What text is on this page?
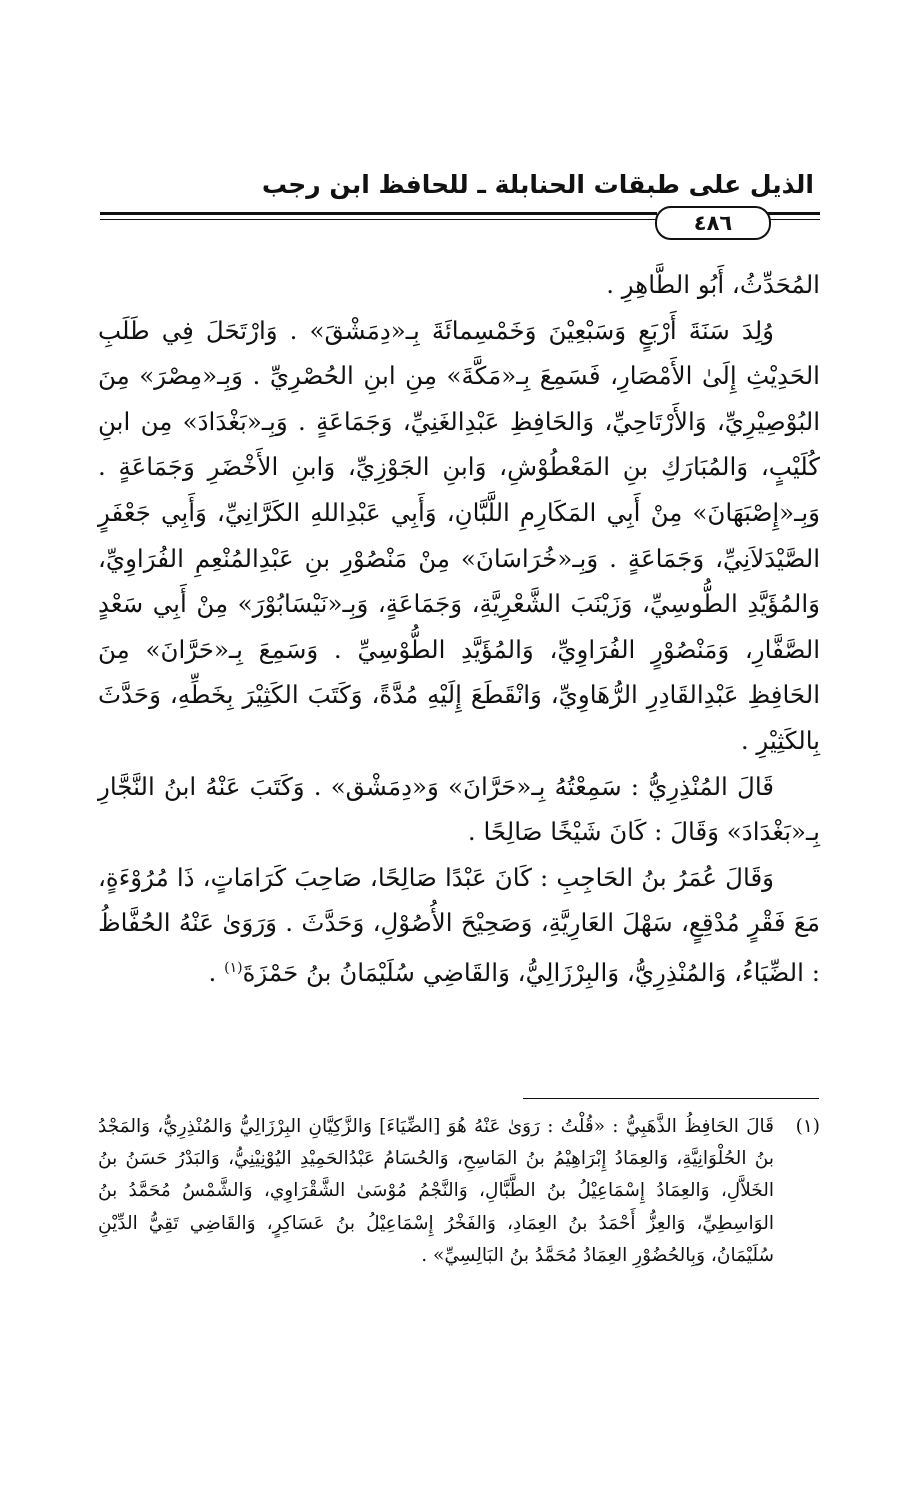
الذيل على طبقات الحنابلة ـ للحافظ ابن رجب
٤٨٦

المُحَدِّثُ، أَبُو الطَّاهِرِ .

وُلِدَ سَنَةَ أَرْبَعٍ وَسَبْعِيْنَ وَخَمْسِمائَةَ بِـ«دِمَشْقَ» . وَارْتَحَلَ فِي طَلَبِ الحَدِيْثِ إِلَىٰ الأَمْصَارِ، فَسَمِعَ بِـ«مَكَّةَ» مِنِ ابنِ الحُصْرِيِّ . وَبِـ«مِصْرَ» مِنَ البُوْصِيْرِيِّ، وَالأَرْتَاحِيِّ، وَالحَافِظِ عَبْدِالغَنِيِّ، وَجَمَاعَةٍ . وَبِـ«بَغْدَادَ» مِن ابنِ كُلَيْبٍ، وَالمُبَارَكِ بنِ المَعْطُوْشِ، وَابنِ الجَوْزِيِّ، وَابنِ الأَخْضَرِ وَجَمَاعَةٍ . وَبِـ«إِصْبَهَانَ» مِنْ أَبِي المَكَارِمِ اللَّبَّانِ، وَأَبِي عَبْدِاللهِ الكَرَّانِيِّ، وَأَبِي جَعْفَرٍ الصَّيْدَلاَنِيِّ، وَجَمَاعَةٍ . وَبِـ«خُرَاسَانَ» مِنْ مَنْصُوْرِ بنِ عَبْدِالمُنْعِمِ الفُرَاوِيِّ، وَالمُؤَيَّدِ الطُّوسِيِّ، وَزَيْنَبَ الشَّعْرِيَّةِ، وَجَمَاعَةٍ، وَبِـ«نَيْسَابُوْرَ» مِنْ أَبِي سَعْدٍ الصَّفَّارِ، وَمَنْصُوْرٍ الفُرَاوِيِّ، وَالمُؤَيَّدِ الطُّوْسِيِّ . وَسَمِعَ بِـ«حَرَّانَ» مِنَ الحَافِظِ عَبْدِالقَادِرِ الرُّهَاوِيِّ، وَانْقَطَعَ إِلَيْهِ مُدَّةً، وَكَتَبَ الكَثِيْرَ بِخَطِّهِ، وَحَدَّثَ بِالكَثِيْرِ .

قَالَ المُنْذِرِيُّ : سَمِعْتُهُ بِـ«حَرَّانَ» وَ«دِمَشْق» . وَكَتَبَ عَنْهُ ابنُ النَّجَّارِ بِـ«بَغْدَادَ» وَقَالَ : كَانَ شَيْخًا صَالِحًا .

وَقَالَ عُمَرُ بنُ الحَاجِبِ : كَانَ عَبْدًا صَالِحًا، صَاحِبَ كَرَامَاتٍ، ذَا مُرُوْءَةٍ، مَعَ فَقْرٍ مُدْقِعٍ، سَهْلَ العَارِيَّةِ، وَصَحِيْحَ الأُصُوْلِ، وَحَدَّثَ . وَرَوَىٰ عَنْهُ الحُفَّاظُ : الضِّيَاءُ، وَالمُنْذِرِيُّ، وَالبِرْزَالِيُّ، وَالقَاضِي سُلَيْمَانُ بنُ حَمْزَةَ$^{(١)}$ .

(١)
قَالَ الحَافِظُ الذَّهَبِيُّ : «قُلْتُ : رَوَىٰ عَنْهُ هُوَ [الضِّيَاءَ] وَالزَّكِيَّانِ البِرْزَالِيُّ وَالمُنْذِرِيُّ، وَالمَجْدُ بنُ الحُلْوَانِيَّةِ، وَالعِمَادُ إِبْرَاهِيْمُ بنُ المَاسِحِ، وَالحُسَامُ عَبْدُالحَمِيْدِ اليُوْنِيْنِيُّ، وَالبَدْرُ حَسَنُ بنُ الخَلاَّلِ، وَالعِمَادُ إِسْمَاعِيْلُ بنُ الطَّبَّالِ، وَالنَّجْمُ مُوْسَىٰ الشَّقْرَاوِي، وَالشَّمْسُ مُحَمَّدُ بنُ الوَاسِطِيِّ، وَالعِزُّ أَحْمَدُ بنُ العِمَادِ، وَالفَخْرُ إِسْمَاعِيْلُ بنُ عَسَاكِرٍ، وَالقَاضِي تَقِيُّ الدِّيْنِ سُلَيْمَانُ، وَبِالحُضُوْرِ العِمَادُ مُحَمَّدُ بنُ البَالِسِيِّ» .
